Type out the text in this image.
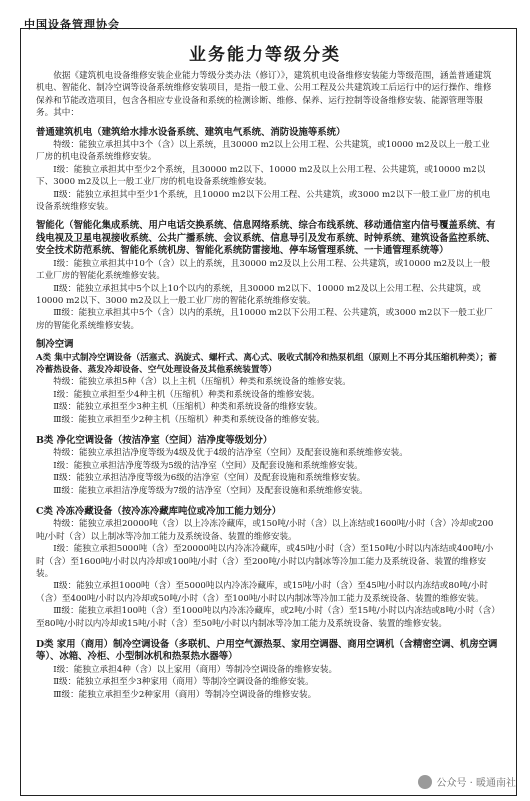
中国设备管理协会
业务能力等级分类

依据《建筑机电设备维修安装企业能力等级分类办法（修订）》，建筑机电设备维修安装能力等级范围，涵盖普通建筑机电、智能化、制冷空调等设备系统维修安装项目，是指一般工业、公用工程及公共建筑竣工后运行中的运行操作、维修保养和节能改造项目，包含各相应专业设备和系统的检测诊断、维修、保养、运行控制等设备维修安装、能源管理等服务。其中：

普通建筑机电（建筑给水排水设备系统、建筑电气系统、消防设施等系统）

特级：能独立承担其中3个（含）以上系统，且30000 m2以上公用工程、公共建筑，或10000 m2及以上一般工业厂房的机电设备系统维修安装。

Ⅰ级：能独立承担其中至少2个系统，且30000 m2以下、10000 m2及以上公用工程、公共建筑，或10000 m2以下、3000 m2及以上一般工业厂房的机电设备系统维修安装。

Ⅱ级：能独立承担其中至少1个系统，且10000 m2以下公用工程、公共建筑，或3000 m2以下一般工业厂房的机电设备系统维修安装。

智能化（智能化集成系统、用户电话交换系统、信息网络系统、综合布线系统、移动通信室内信号覆盖系统、有线电视及卫星电视接收系统、公共广播系统、会议系统、信息导引及发布系统、时钟系统、建筑设备监控系统、安全技术防范系统、智能化系统机房、智能化系统防雷接地、停车场管理系统、一卡通管理系统等）

Ⅰ级：能独立承担其中10个（含）以上的系统，且30000 m2及以上公用工程、公共建筑，或10000 m2及以上一般工业厂房的智能化系统维修安装。

Ⅱ级：能独立承担其中5个以上10个以内的系统，且30000 m2以下、10000 m2及以上公用工程、公共建筑，或10000 m2以下、3000 m2及以上一般工业厂房的智能化系统维修安装。

Ⅲ级：能独立承担其中5个（含）以内的系统，且10000 m2以下公用工程、公共建筑，或3000 m2以下一般工业厂房的智能化系统维修安装。

制冷空调

A类 集中式制冷空调设备（活塞式、涡旋式、螺杆式、离心式、吸收式制冷和热泵机组（原则上不再分其压缩机种类）；蓄冷蓄热设备、蒸发冷却设备、空气处理设备及其他系统装置等）

特级：能独立承担5种（含）以上主机（压缩机）种类和系统设备的维修安装。

Ⅰ级：能独立承担至少4种主机（压缩机）种类和系统设备的维修安装。

Ⅱ级：能独立承担至少3种主机（压缩机）种类和系统设备的维修安装。

Ⅲ级：能独立承担至少2种主机（压缩机）种类和系统设备的维修安装。

B类 净化空调设备（按洁净室（空间）洁净度等级划分）

特级：能独立承担洁净度等级为4级及优于4级的洁净室（空间）及配套设施和系统维修安装。

Ⅰ级：能独立承担洁净度等级为5级的洁净室（空间）及配套设施和系统维修安装。

Ⅱ级：能独立承担洁净度等级为6级的洁净室（空间）及配套设施和系统维修安装。

Ⅲ级：能独立承担洁净度等级为7级的洁净室（空间）及配套设施和系统维修安装。

C类 冷冻冷藏设备（按冷冻冷藏库吨位或冷加工能力划分）

特级：能独立承担20000吨（含）以上冷冻冷藏库，或150吨/小时（含）以上冻结或1600吨/小时（含）冷却或200吨/小时（含）以上制冰等冷加工能力及系统设备、装置的维修安装。

Ⅰ级：能独立承担5000吨（含）至20000吨以内冷冻冷藏库，或45吨/小时（含）至150吨/小时以内冻结或400吨/小时（含）至1600吨/小时以内冷却或100吨/小时（含）至200吨/小时以内制冰等冷加工能力及系统设备、装置的维修安装。

Ⅱ级：能独立承担1000吨（含）至5000吨以内冷冻冷藏库，或15吨/小时（含）至45吨/小时以内冻结或80吨/小时（含）至400吨/小时以内冷却或50吨/小时（含）至100吨/小时以内制冰等冷加工能力及系统设备、装置的维修安装。

Ⅲ级：能独立承担100吨（含）至1000吨以内冷冻冷藏库，或2吨/小时（含）至15吨/小时以内冻结或8吨/小时（含）至80吨/小时以内冷却或15吨/小时（含）至50吨/小时以内制冰等冷加工能力及系统设备、装置的维修安装。

D类 家用（商用）制冷空调设备（多联机、户用空气源热泵、家用空调器、商用空调机（含精密空调、机房空调等）、冰箱、冷柜、小型制冰机和热泵热水器等）

Ⅰ级：能独立承担4种（含）以上家用（商用）等制冷空调设备的维修安装。

Ⅱ级：能独立承担至少3种家用（商用）等制冷空调设备的维修安装。

Ⅲ级：能独立承担至少2种家用（商用）等制冷空调设备的维修安装。

公众号 · 暖通南社
